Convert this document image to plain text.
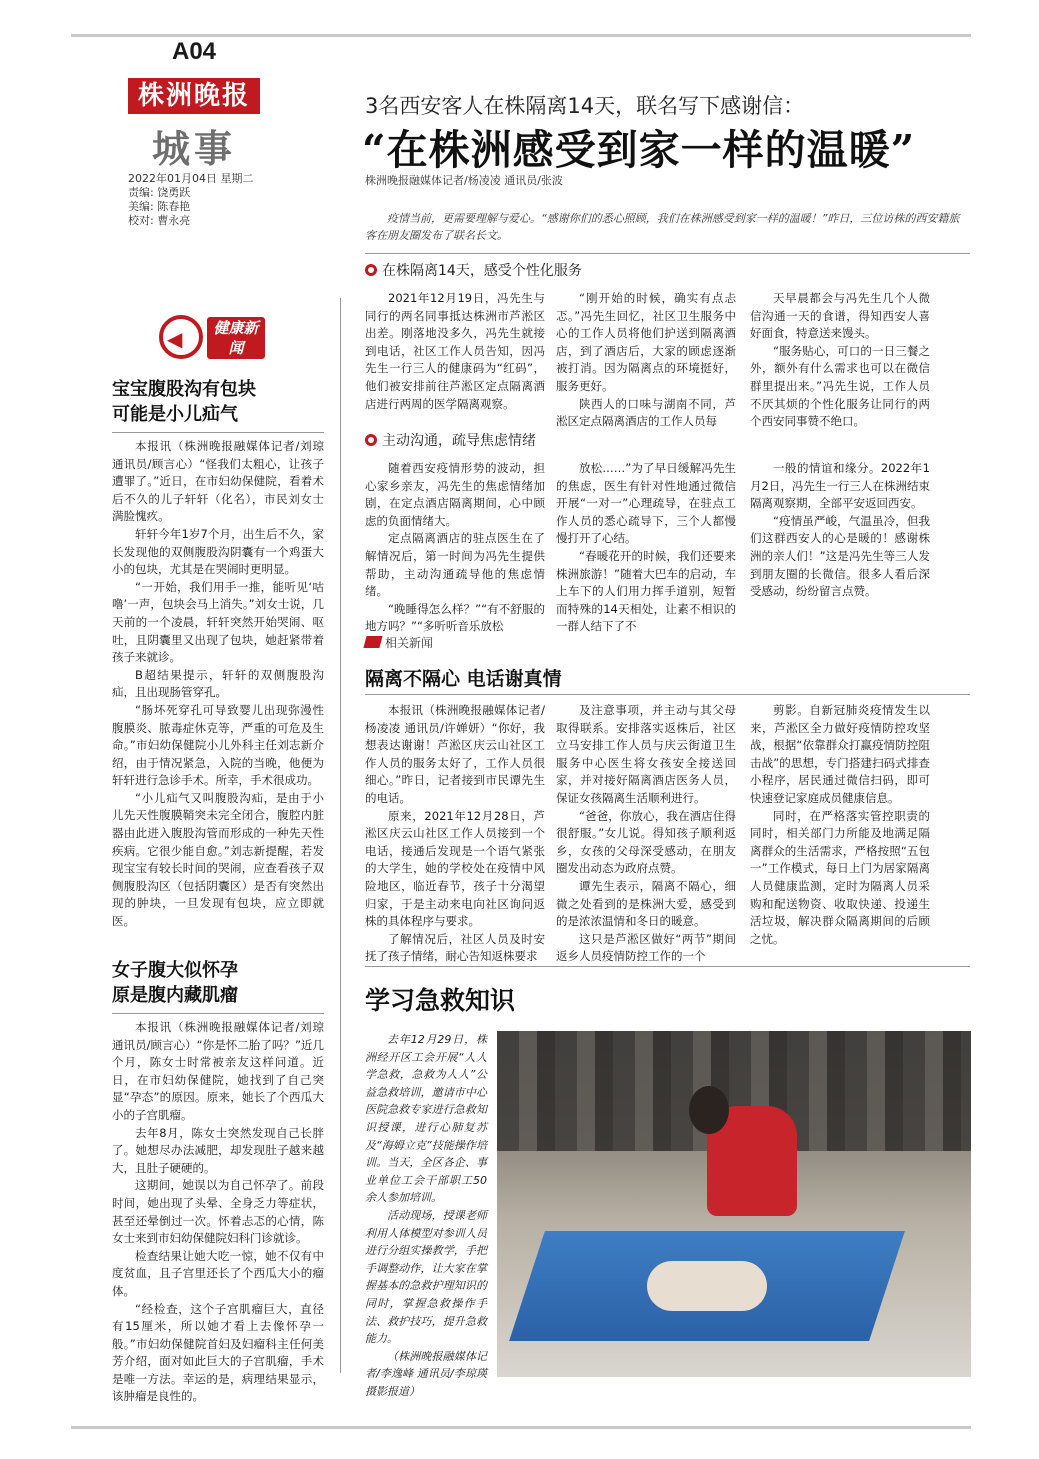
A04
株洲晚报
城事
2022年01月04日 星期二
责编: 饶勇跃
美编: 陈春艳
校对: 曹永亮
3名西安客人在株隔离14天，联名写下感谢信：
“在株洲感受到家一样的温暖”
株洲晚报融媒体记者/杨凌凌 通讯员/张波
疫情当前，更需要理解与爱心。“感谢你们的悉心照顾，我们在株洲感受到家一样的温暖！”昨日，三位访株的西安籍旅客在朋友圈发布了联名长文。
在株隔离14天，感受个性化服务

2021年12月19日，冯先生与同行的两名同事抵达株洲市芦淞区出差。刚落地没多久，冯先生就接到电话，社区工作人员告知，因冯先生一行三人的健康码为“红码”，他们被安排前往芦淞区定点隔离酒店进行两周的医学隔离观察。

“刚开始的时候，确实有点忐忑。”冯先生回忆，社区卫生服务中心的工作人员将他们护送到隔离酒店，到了酒店后，大家的顾虑逐渐被打消。因为隔离点的环境挺好，服务更好。

陕西人的口味与湖南不同，芦淞区定点隔离酒店的工作人员每

天早晨都会与冯先生几个人微信沟通一天的食谱，得知西安人喜好面食，特意送来馒头。

“服务贴心，可口的一日三餐之外，额外有什么需求也可以在微信群里提出来。”冯先生说，工作人员不厌其烦的个性化服务让同行的两个西安同事赞不绝口。

主动沟通，疏导焦虑情绪

随着西安疫情形势的波动，担心家乡亲友，冯先生的焦虑情绪加剧，在定点酒店隔离期间，心中顾虑的负面情绪大。

定点隔离酒店的驻点医生在了解情况后，第一时间为冯先生提供帮助，主动沟通疏导他的焦虑情绪。

“晚睡得怎么样？”“有不舒服的地方吗？”“多听听音乐放松

放松……”为了早日缓解冯先生的焦虑，医生有针对性地通过微信开展“一对一”心理疏导，在驻点工作人员的悉心疏导下，三个人都慢慢打开了心结。

“春暖花开的时候，我们还要来株洲旅游！”随着大巴车的启动，车上车下的人们用力挥手道别，短暂而特殊的14天相处，让素不相识的一群人结下了不

一般的情谊和缘分。2022年1月2日，冯先生一行三人在株洲结束隔离观察期，全部平安返回西安。

“疫情虽严峻，气温虽冷，但我们这群西安人的心是暖的！感谢株洲的亲人们！”这是冯先生等三人发到朋友圈的长微信。很多人看后深受感动，纷纷留言点赞。

◀	健康新闻
宝宝腹股沟有包块
可能是小儿疝气

本报讯（株洲晚报融媒体记者/刘琼 通讯员/顾言心）“怪我们太粗心，让孩子遭罪了。”近日，在市妇幼保健院，看着术后不久的儿子轩轩（化名），市民刘女士满脸愧疚。

轩轩今年1岁7个月，出生后不久，家长发现他的双侧腹股沟阴囊有一个鸡蛋大小的包块，尤其是在哭闹时更明显。

“一开始，我们用手一推，能听见‘咕噜’一声，包块会马上消失。”刘女士说，几天前的一个凌晨，轩轩突然开始哭闹、呕吐，且阴囊里又出现了包块，她赶紧带着孩子来就诊。

B超结果提示，轩轩的双侧腹股沟疝，且出现肠管穿孔。

“肠坏死穿孔可导致婴儿出现弥漫性腹膜炎、脓毒症休克等，严重的可危及生命。”市妇幼保健院小儿外科主任刘志新介绍，由于情况紧急，入院的当晚，他便为轩轩进行急诊手术。所幸，手术很成功。

“小儿疝气又叫腹股沟疝，是由于小儿先天性腹膜鞘突未完全闭合，腹腔内脏器由此进入腹股沟管而形成的一种先天性疾病。它很少能自愈。”刘志新提醒，若发现宝宝有较长时间的哭闹，应查看孩子双侧腹股沟区（包括阴囊区）是否有突然出现的肿块，一旦发现有包块，应立即就医。

女子腹大似怀孕
原是腹内藏肌瘤

本报讯（株洲晚报融媒体记者/刘琼 通讯员/顾言心）“你是怀二胎了吗？”近几个月，陈女士时常被亲友这样问道。近日，在市妇幼保健院，她找到了自己突显“孕态”的原因。原来，她长了个西瓜大小的子宫肌瘤。

去年8月，陈女士突然发现自己长胖了。她想尽办法减肥，却发现肚子越来越大，且肚子硬硬的。

这期间，她误以为自己怀孕了。前段时间，她出现了头晕、全身乏力等症状，甚至还晕倒过一次。怀着忐忑的心情，陈女士来到市妇幼保健院妇科门诊就诊。

检查结果让她大吃一惊，她不仅有中度贫血，且子宫里还长了个西瓜大小的瘤体。

“经检查，这个子宫肌瘤巨大，直径有15厘米，所以她才看上去像怀孕一般。”市妇幼保健院首妇及妇瘤科主任何美芳介绍，面对如此巨大的子宫肌瘤，手术是唯一方法。幸运的是，病理结果显示，该肿瘤是良性的。

相关新闻
隔离不隔心 电话谢真情

本报讯（株洲晚报融媒体记者/杨凌凌 通讯员/许婵妍）“你好，我想表达谢谢！芦淞区庆云山社区工作人员的服务太好了，工作人员很细心。”昨日，记者接到市民谭先生的电话。

原来，2021年12月28日，芦淞区庆云山社区工作人员接到一个电话，接通后发现是一个语气紧张的大学生，她的学校处在疫情中风险地区，临近春节，孩子十分渴望归家，于是主动来电向社区询问返株的具体程序与要求。

了解情况后，社区人员及时安抚了孩子情绪，耐心告知返株要求

及注意事项，并主动与其父母取得联系。安排落实返株后，社区立马安排工作人员与庆云街道卫生服务中心医生将女孩安全接送回家，并对接好隔离酒店医务人员，保证女孩隔离生活顺利进行。

“爸爸，你放心，我在酒店住得很舒服。”女儿说。得知孩子顺利返乡，女孩的父母深受感动，在朋友圈发出动态为政府点赞。

谭先生表示，隔离不隔心，细微之处看到的是株洲大爱，感受到的是浓浓温情和冬日的暖意。

这只是芦淞区做好“两节”期间返乡人员疫情防控工作的一个

剪影。自新冠肺炎疫情发生以来，芦淞区全力做好疫情防控攻坚战，根据“依靠群众打赢疫情防控阻击战”的思想，专门搭建扫码式排查小程序，居民通过微信扫码，即可快速登记家庭成员健康信息。

同时，在严格落实管控职责的同时，相关部门力所能及地满足隔离群众的生活需求，严格按照“五包一”工作模式，每日上门为居家隔离人员健康监测，定时为隔离人员采购和配送物资、收取快递、投递生活垃圾，解决群众隔离期间的后顾之忧。

学习急救知识

去年12月29日，株洲经开区工会开展“人人学急救，急救为人人”公益急救培训，邀请市中心医院急救专家进行急救知识授课，进行心肺复苏及“海姆立克”技能操作培训。当天，全区各企、事业单位工会干部职工50余人参加培训。

活动现场，授课老师利用人体模型对参训人员进行分组实操教学，手把手调整动作，让大家在掌握基本的急救护理知识的同时，掌握急救操作手法、救护技巧，提升急救能力。

（株洲晚报融媒体记者/李逸峰 通讯员/李琼瑛 摄影报道）
